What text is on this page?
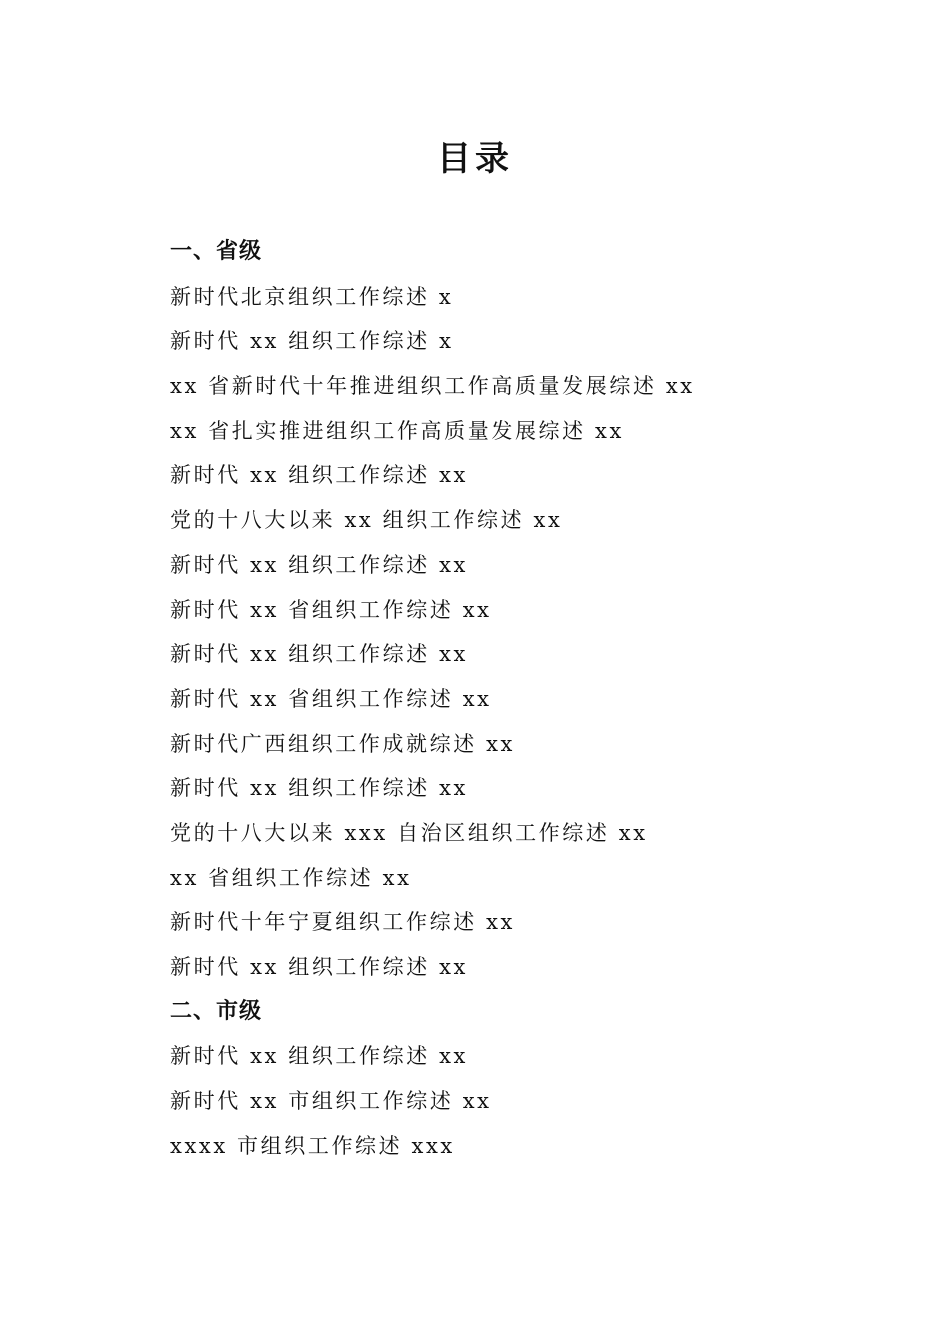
目录
一、省级
新时代北京组织工作综述 x
新时代 xx 组织工作综述 x
xx 省新时代十年推进组织工作高质量发展综述 xx
xx 省扎实推进组织工作高质量发展综述 xx
新时代 xx 组织工作综述 xx
党的十八大以来 xx 组织工作综述 xx
新时代 xx 组织工作综述 xx
新时代 xx 省组织工作综述 xx
新时代 xx 组织工作综述 xx
新时代 xx 省组织工作综述 xx
新时代广西组织工作成就综述 xx
新时代 xx 组织工作综述 xx
党的十八大以来 xxx 自治区组织工作综述 xx
xx 省组织工作综述 xx
新时代十年宁夏组织工作综述 xx
新时代 xx 组织工作综述 xx
二、市级
新时代 xx 组织工作综述 xx
新时代 xx 市组织工作综述 xx
xxxx 市组织工作综述 xxx
